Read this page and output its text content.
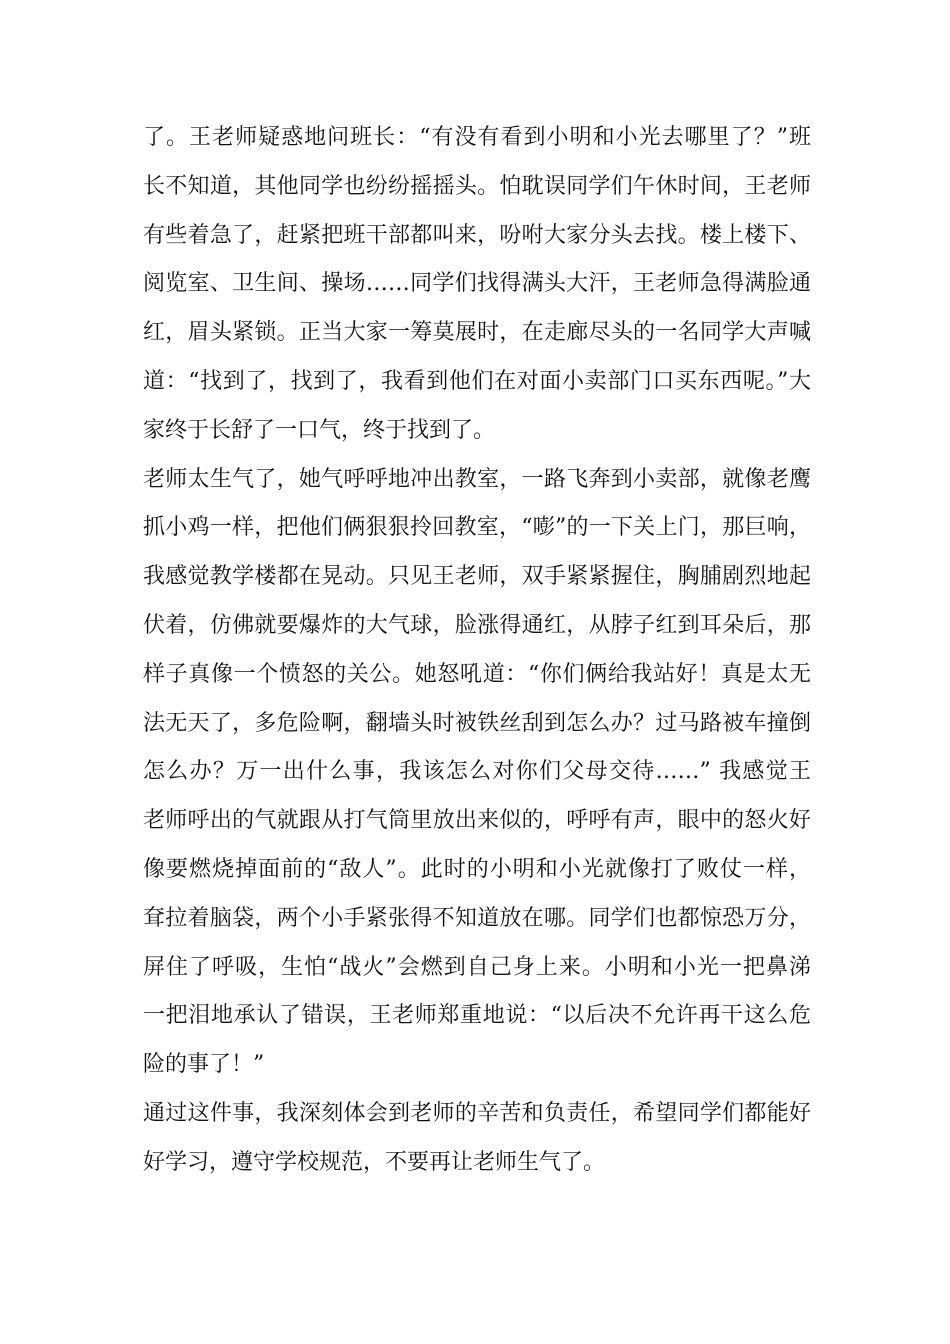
了。王老师疑惑地问班长：“有没有看到小明和小光去哪里了？”班
长不知道，其他同学也纷纷摇摇头。怕耽误同学们午休时间，王老师
有些着急了，赶紧把班干部都叫来，吩咐大家分头去找。楼上楼下、
阅览室、卫生间、操场……同学们找得满头大汗，王老师急得满脸通
红，眉头紧锁。正当大家一筹莫展时，在走廊尽头的一名同学大声喊
道：“找到了，找到了，我看到他们在对面小卖部门口买东西呢。”大
家终于长舒了一口气，终于找到了。
老师太生气了，她气呼呼地冲出教室，一路飞奔到小卖部，就像老鹰
抓小鸡一样，把他们俩狠狠拎回教室，“嘭”的一下关上门，那巨响，
我感觉教学楼都在晃动。只见王老师，双手紧紧握住，胸脯剧烈地起
伏着，仿佛就要爆炸的大气球，脸涨得通红，从脖子红到耳朵后，那
样子真像一个愤怒的关公。她怒吼道：“你们俩给我站好！真是太无
法无天了，多危险啊，翻墙头时被铁丝刮到怎么办？过马路被车撞倒
怎么办？万一出什么事，我该怎么对你们父母交待……” 我感觉王
老师呼出的气就跟从打气筒里放出来似的，呼呼有声，眼中的怒火好
像要燃烧掉面前的“敌人”。此时的小明和小光就像打了败仗一样，
耷拉着脑袋，两个小手紧张得不知道放在哪。同学们也都惊恐万分，
屏住了呼吸，生怕“战火”会燃到自己身上来。小明和小光一把鼻涕
一把泪地承认了错误，王老师郑重地说：“以后决不允许再干这么危
险的事了！”
通过这件事，我深刻体会到老师的辛苦和负责任，希望同学们都能好
好学习，遵守学校规范，不要再让老师生气了。
